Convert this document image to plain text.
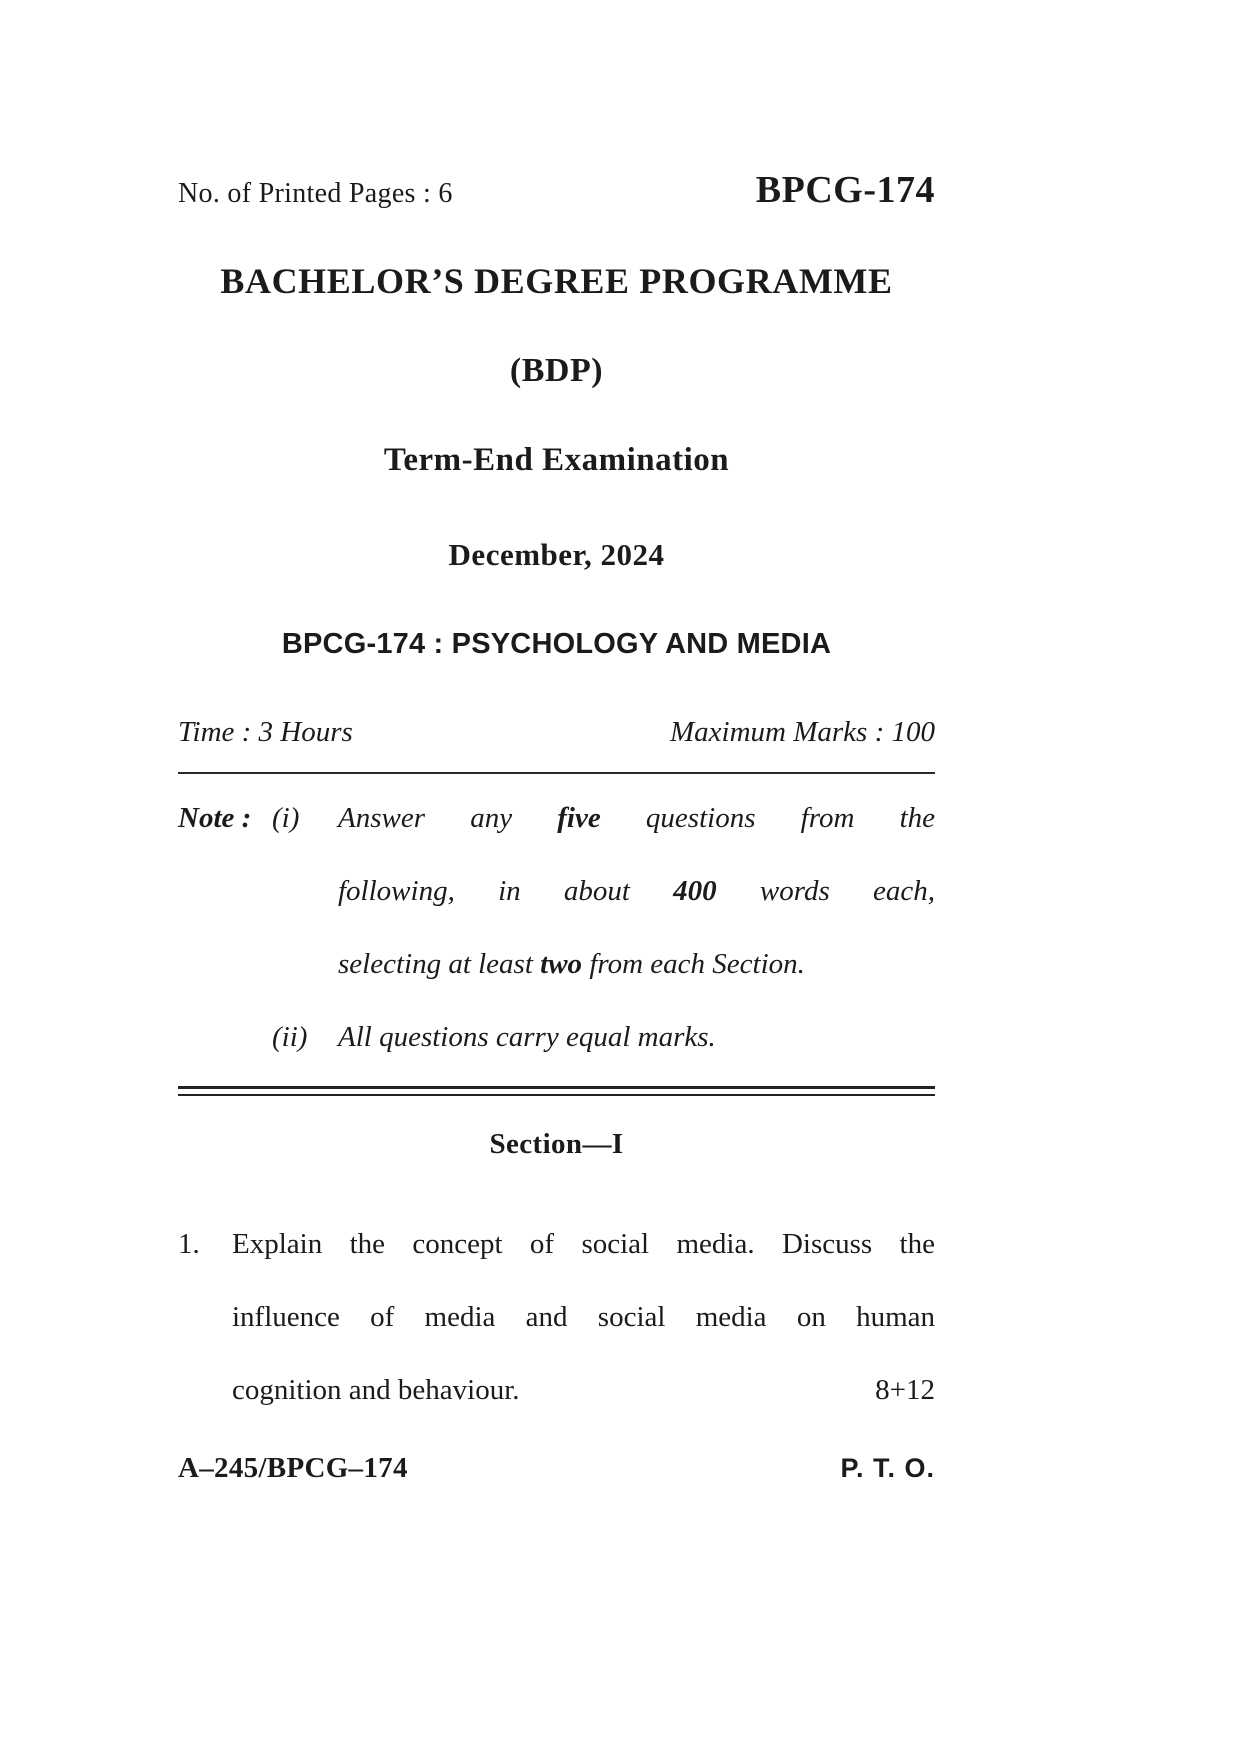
No. of Printed Pages : 6	BPCG-174
BACHELOR’S DEGREE PROGRAMME
(BDP)
Term-End Examination
December, 2024
BPCG-174 : PSYCHOLOGY AND MEDIA
Time : 3 Hours	Maximum Marks : 100
Note : (i) Answer any five questions from the
following, in about 400 words each,
selecting at least two from each Section.
(ii) All questions carry equal marks.
Section—I
1.	Explain the concept of social media. Discuss the
influence of media and social media on human
cognition and behaviour.	8+12
A–245/BPCG–174	P. T. O.
